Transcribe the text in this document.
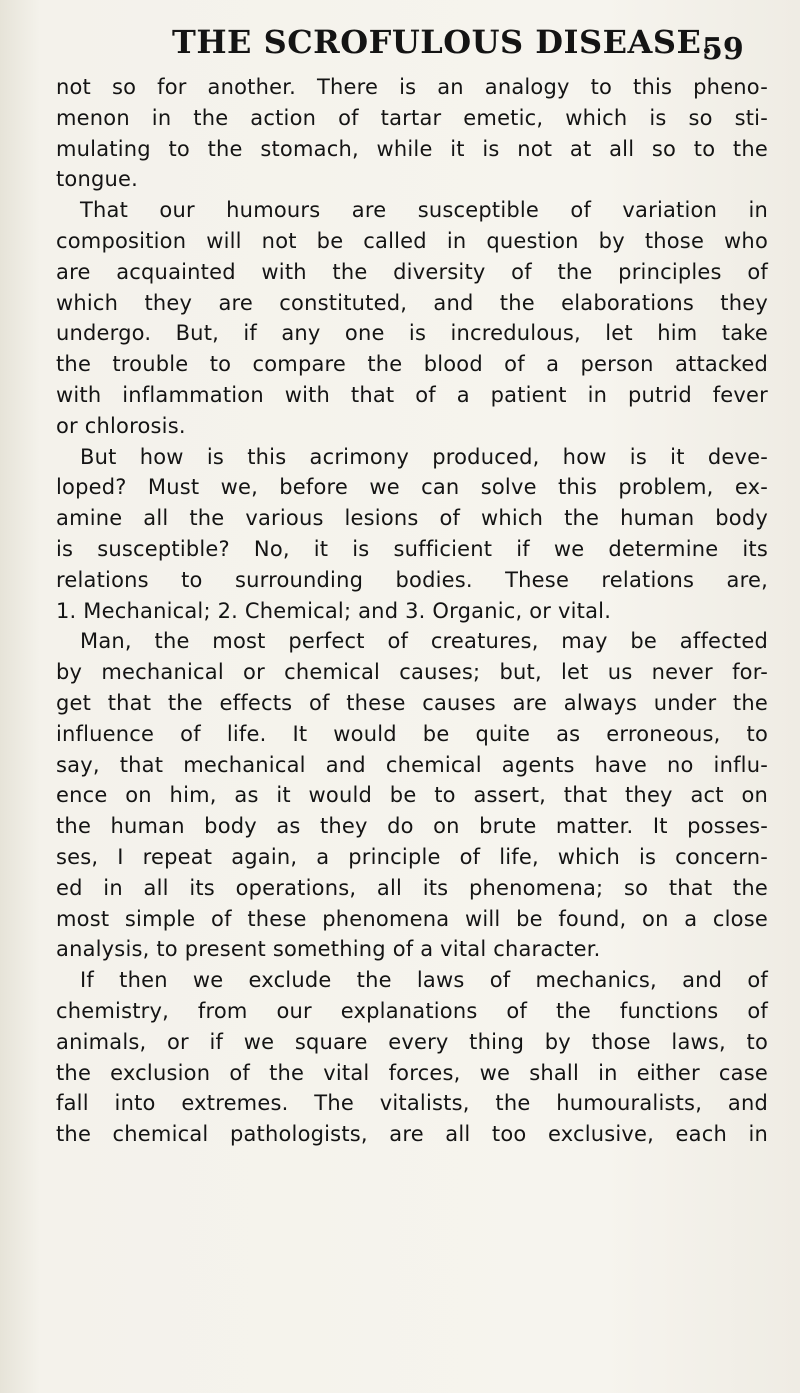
THE SCROFULOUS DISEASE.
59
not so for another. There is an analogy to this pheno-
menon in the action of tartar emetic, which is so sti-
mulating to the stomach, while it is not at all so to the
tongue.
That our humours are susceptible of variation in
composition will not be called in question by those who
are acquainted with the diversity of the principles of
which they are constituted, and the elaborations they
undergo. But, if any one is incredulous, let him take
the trouble to compare the blood of a person attacked
with inflammation with that of a patient in putrid fever
or chlorosis.
But how is this acrimony produced, how is it deve-
loped? Must we, before we can solve this problem, ex-
amine all the various lesions of which the human body
is susceptible? No, it is sufficient if we determine its
relations to surrounding bodies. These relations are,
1. Mechanical; 2. Chemical; and 3. Organic, or vital.
Man, the most perfect of creatures, may be affected
by mechanical or chemical causes; but, let us never for-
get that the effects of these causes are always under the
influence of life. It would be quite as erroneous, to
say, that mechanical and chemical agents have no influ-
ence on him, as it would be to assert, that they act on
the human body as they do on brute matter. It posses-
ses, I repeat again, a principle of life, which is concern-
ed in all its operations, all its phenomena; so that the
most simple of these phenomena will be found, on a close
analysis, to present something of a vital character.
If then we exclude the laws of mechanics, and of
chemistry, from our explanations of the functions of
animals, or if we square every thing by those laws, to
the exclusion of the vital forces, we shall in either case
fall into extremes. The vitalists, the humouralists, and
the chemical pathologists, are all too exclusive, each in
